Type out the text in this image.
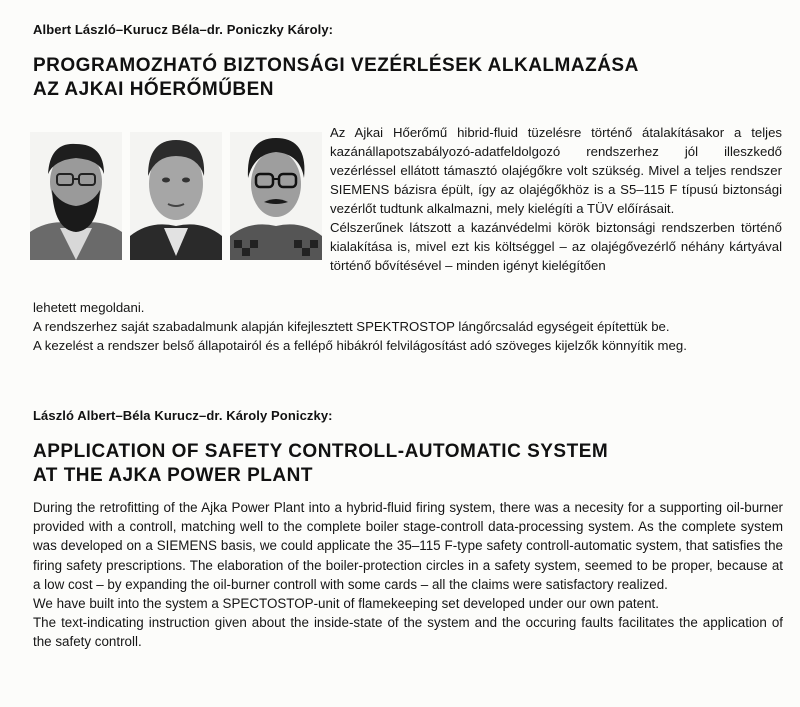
Albert László–Kurucz Béla–dr. Poniczky Károly:
PROGRAMOZHATÓ BIZTONSÁGI VEZÉRLÉSEK ALKALMAZÁSA
AZ AJKAI HŐERŐMŰBEN

Az Ajkai Hőerőmű hibrid-fluid tüzelésre történő átalakításakor a teljes kazánállapotszabályozó-adatfeldolgozó rendszerhez jól illeszkedő vezérléssel ellátott támasztó olajégőkre volt szükség. Mivel a teljes rendszer SIEMENS bázisra épült, így az olajégőkhöz is a S5–115 F típusú biztonsági vezérlőt tudtunk alkalmazni, mely kielégíti a TÜV előírásait.

Célszerűnek látszott a kazánvédelmi körök biztonsági rendszerben történő kialakítása is, mivel ezt kis költséggel – az olajégővezérlő néhány kártyával történő bővítésével – minden igényt kielégítően

lehetett megoldani.

A rendszerhez saját szabadalmunk alapján kifejlesztett SPEKTROSTOP lángőrcsalád egységeit építettük be.

A kezelést a rendszer belső állapotairól és a fellépő hibákról felvilágosítást adó szöveges kijelzők könnyítik meg.

László Albert–Béla Kurucz–dr. Károly Poniczky:
APPLICATION OF SAFETY CONTROLL-AUTOMATIC SYSTEM
AT THE AJKA POWER PLANT

During the retrofitting of the Ajka Power Plant into a hybrid-fluid firing system, there was a necesity for a supporting oil-burner provided with a controll, matching well to the complete boiler stage-controll data-processing system. As the complete system was developed on a SIEMENS basis, we could applicate the 35–115 F-type safety controll-automatic system, that satisfies the firing safety prescriptions. The elaboration of the boiler-protection circles in a safety system, seemed to be proper, because at a low cost – by expanding the oil-burner controll with some cards – all the claims were satisfactory realized.

We have built into the system a SPECTOSTOP-unit of flamekeeping set developed under our own patent.

The text-indicating instruction given about the inside-state of the system and the occuring faults facilitates the application of the safety controll.
